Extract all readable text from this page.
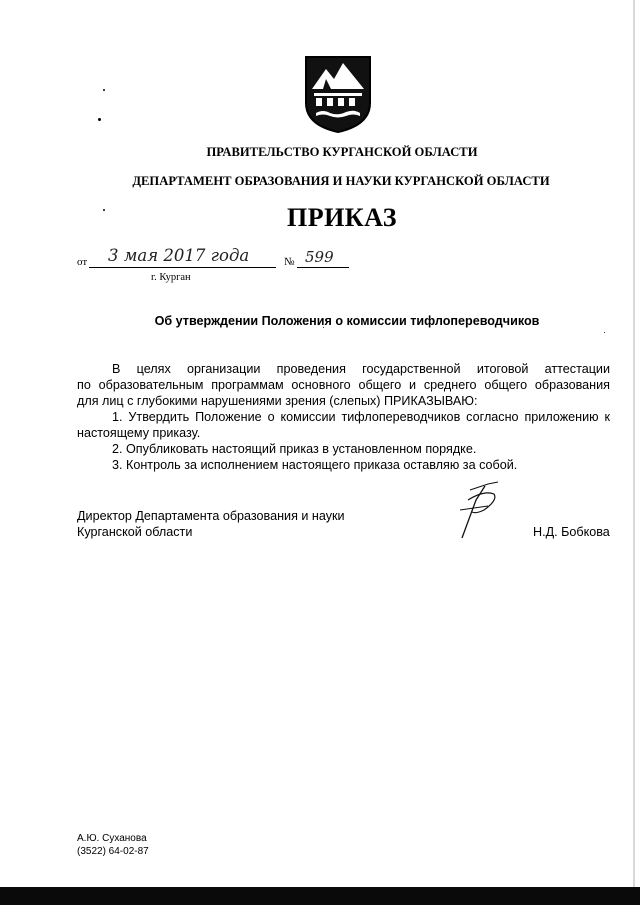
ПРАВИТЕЛЬСТВО КУРГАНСКОЙ ОБЛАСТИ
ДЕПАРТАМЕНТ ОБРАЗОВАНИЯ И НАУКИ КУРГАНСКОЙ ОБЛАСТИ
ПРИКАЗ
от 3 мая 2017 года	№ 599
г. Курган
Об утверждении Положения о комиссии тифлопереводчиков
В целях организации проведения государственной итоговой аттестации
по образовательным программам основного общего и среднего общего образования
для лиц с глубокими нарушениями зрения (слепых) ПРИКАЗЫВАЮ:
1. Утвердить Положение о комиссии тифлопереводчиков согласно приложению к
настоящему приказу.
2. Опубликовать настоящий приказ в установленном порядке.
3. Контроль за исполнением настоящего приказа оставляю за собой.
Директор Департамента образования и науки
Курганской области	Н.Д. Бобкова
А.Ю. Суханова
(3522) 64-02-87
